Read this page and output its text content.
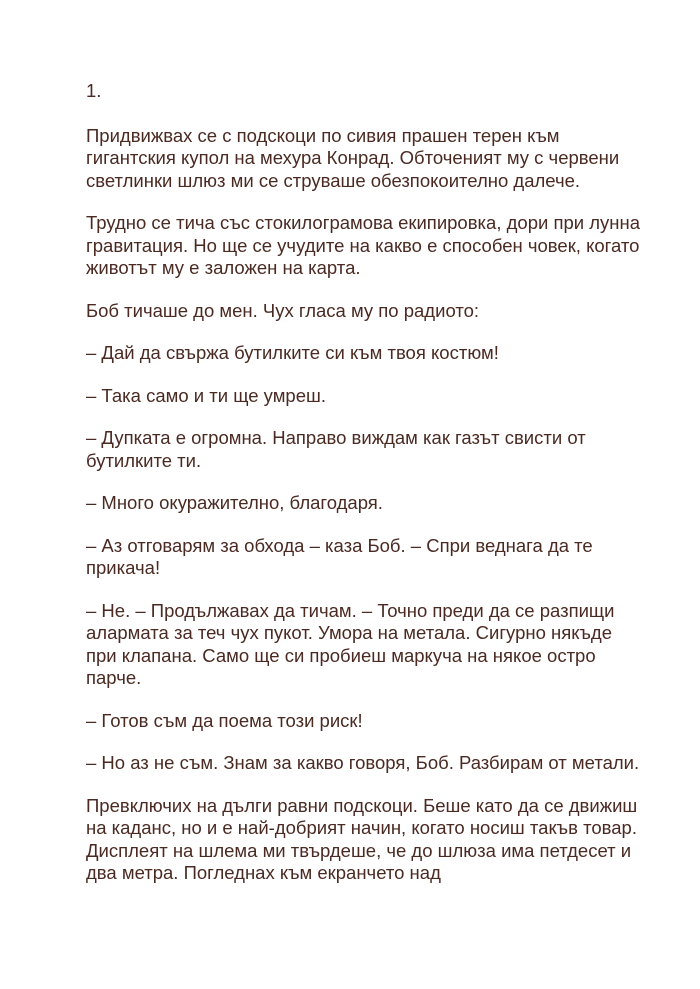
1.

Придвижвах се с подскоци по сивия прашен терен към гигантския купол на мехура Конрад. Обточеният му с червени светлинки шлюз ми се струваше обезпокоително далече.

Трудно се тича със стокилограмова екипировка, дори при лунна гравитация. Но ще се учудите на какво е способен човек, когато животът му е заложен на карта.

Боб тичаше до мен. Чух гласа му по радиото:

– Дай да свържа бутилките си към твоя костюм!

– Така само и ти ще умреш.

– Дупката е огромна. Направо виждам как газът свисти от бутилките ти.

– Много окуражително, благодаря.

– Аз отговарям за обхода – каза Боб. – Спри веднага да те прикача!

– Не. – Продължавах да тичам. – Точно преди да се разпищи алармата за теч чух пукот. Умора на метала. Сигурно някъде при клапана. Само ще си пробиеш маркуча на някое остро парче.

– Готов съм да поема този риск!

– Но аз не съм. Знам за какво говоря, Боб. Разбирам от метали.

Превключих на дълги равни подскоци. Беше като да се движиш на каданс, но и е най-добрият начин, когато носиш такъв товар. Дисплеят на шлема ми твърдеше, че до шлюза има петдесет и два метра. Погледнах към екранчето над
